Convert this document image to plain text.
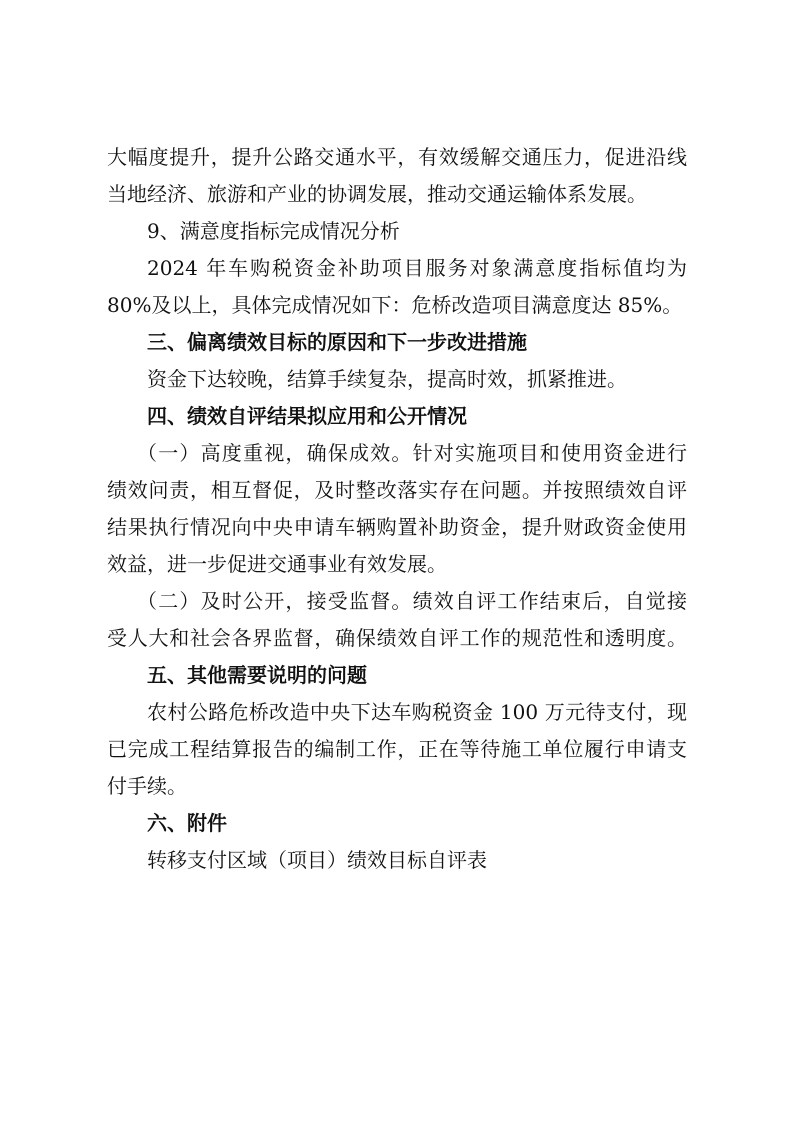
大幅度提升，提升公路交通水平，有效缓解交通压力，促进沿线
当地经济、旅游和产业的协调发展，推动交通运输体系发展。
9、满意度指标完成情况分析
2024 年车购税资金补助项目服务对象满意度指标值均为
80%及以上，具体完成情况如下：危桥改造项目满意度达 85%。
三、偏离绩效目标的原因和下一步改进措施
资金下达较晚，结算手续复杂，提高时效，抓紧推进。
四、绩效自评结果拟应用和公开情况
（一）高度重视，确保成效。针对实施项目和使用资金进行
绩效问责，相互督促，及时整改落实存在问题。并按照绩效自评
结果执行情况向中央申请车辆购置补助资金，提升财政资金使用
效益，进一步促进交通事业有效发展。
（二）及时公开，接受监督。绩效自评工作结束后，自觉接
受人大和社会各界监督，确保绩效自评工作的规范性和透明度。
五、其他需要说明的问题
农村公路危桥改造中央下达车购税资金 100 万元待支付，现
已完成工程结算报告的编制工作，正在等待施工单位履行申请支
付手续。
六、附件
转移支付区域（项目）绩效目标自评表
